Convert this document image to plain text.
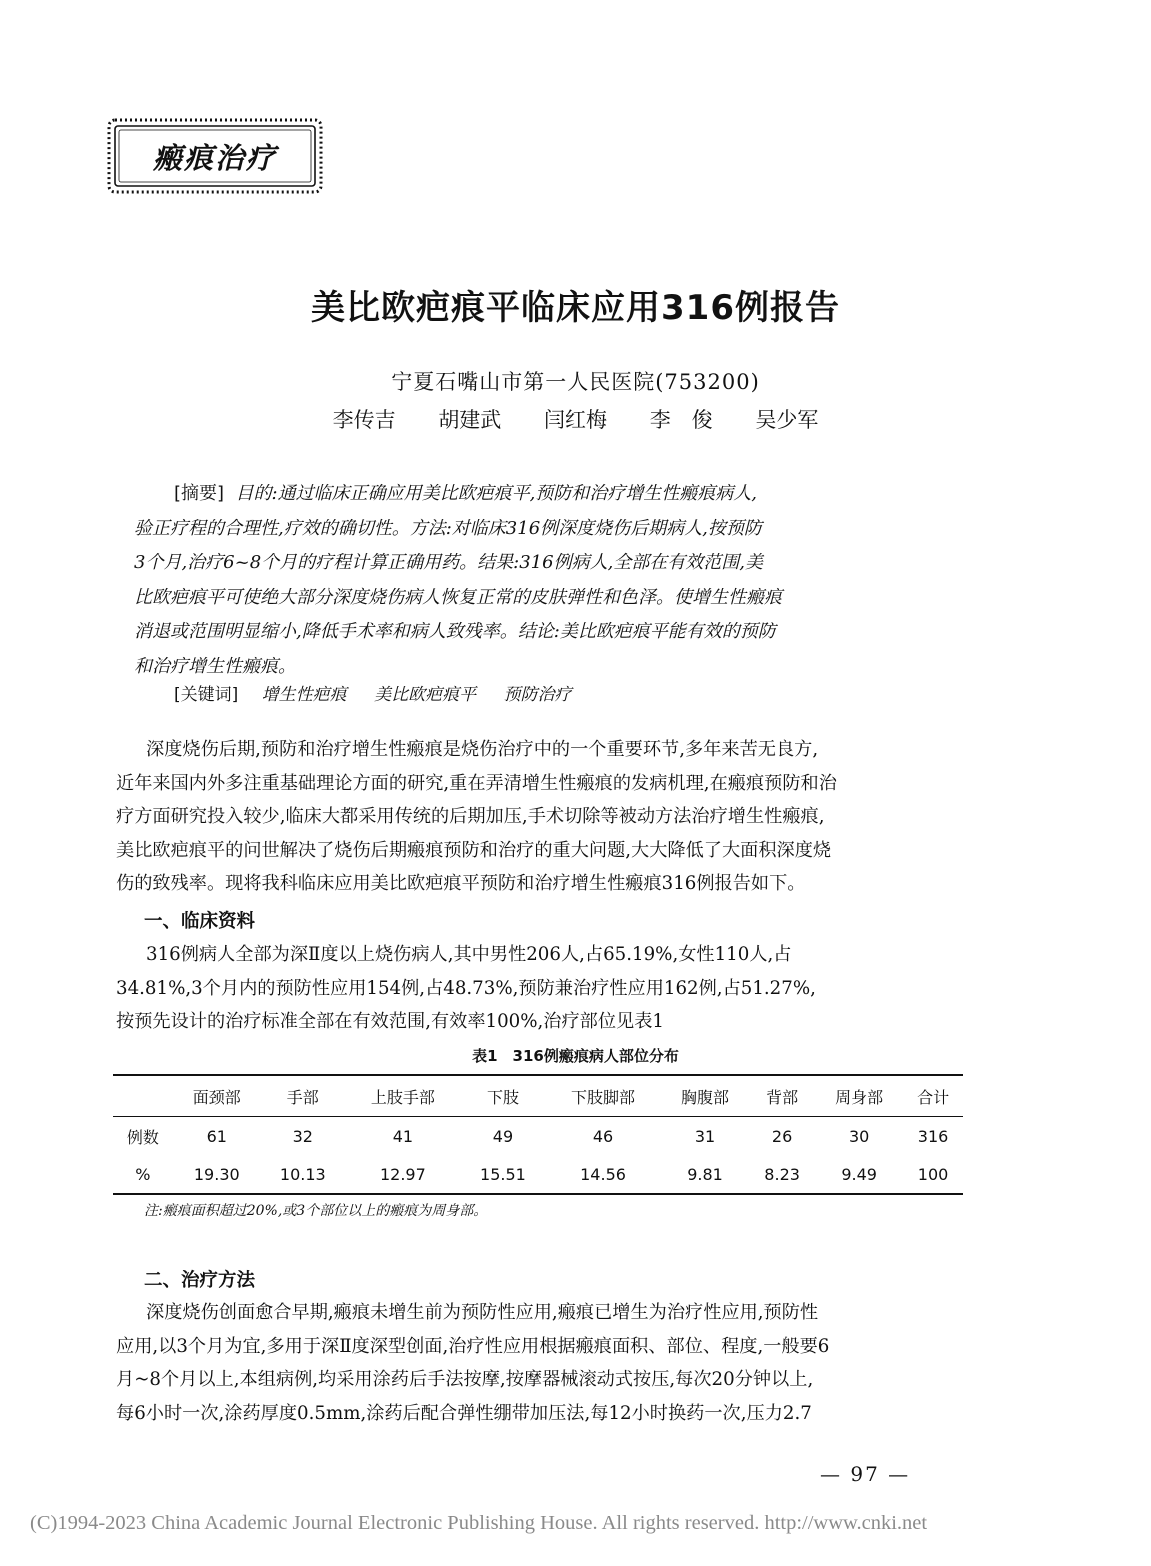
瘢痕治疗
美比欧疤痕平临床应用316例报告
宁夏石嘴山市第一人民医院(753200)
李传吉 胡建武 闫红梅 李　俊 吴少军
[摘要] 目的:通过临床正确应用美比欧疤痕平,预防和治疗增生性瘢痕病人,
验正疗程的合理性,疗效的确切性。方法:对临床316例深度烧伤后期病人,按预防
3个月,治疗6~8个月的疗程计算正确用药。结果:316例病人,全部在有效范围,美
比欧疤痕平可使绝大部分深度烧伤病人恢复正常的皮肤弹性和色泽。使增生性瘢痕
消退或范围明显缩小,降低手术率和病人致残率。结论:美比欧疤痕平能有效的预防
和治疗增生性瘢痕。
[关键词] 增生性疤痕 美比欧疤痕平 预防治疗

深度烧伤后期,预防和治疗增生性瘢痕是烧伤治疗中的一个重要环节,多年来苦无良方,

近年来国内外多注重基础理论方面的研究,重在弄清增生性瘢痕的发病机理,在瘢痕预防和治

疗方面研究投入较少,临床大都采用传统的后期加压,手术切除等被动方法治疗增生性瘢痕,

美比欧疤痕平的问世解决了烧伤后期瘢痕预防和治疗的重大问题,大大降低了大面积深度烧

伤的致残率。现将我科临床应用美比欧疤痕平预防和治疗增生性瘢痕316例报告如下。

一、临床资料

316例病人全部为深Ⅱ度以上烧伤病人,其中男性206人,占65.19%,女性110人,占

34.81%,3个月内的预防性应用154例,占48.73%,预防兼治疗性应用162例,占51.27%,

按预先设计的治疗标准全部在有效范围,有效率100%,治疗部位见表1

表1　316例瘢痕病人部位分布
	面颈部	手部	上肢手部	下肢	下肢脚部	胸腹部	背部	周身部	合计
例数	61	32	41	49	46	31	26	30	316
%	19.30	10.13	12.97	15.51	14.56	9.81	8.23	9.49	100
注:瘢痕面积超过20%,或3个部位以上的瘢痕为周身部。
二、治疗方法

深度烧伤创面愈合早期,瘢痕未增生前为预防性应用,瘢痕已增生为治疗性应用,预防性

应用,以3个月为宜,多用于深Ⅱ度深型创面,治疗性应用根据瘢痕面积、部位、程度,一般要6

月~8个月以上,本组病例,均采用涂药后手法按摩,按摩器械滚动式按压,每次20分钟以上,

每6小时一次,涂药厚度0.5mm,涂药后配合弹性绷带加压法,每12小时换药一次,压力2.7

— 97 —
(C)1994-2023 China Academic Journal Electronic Publishing House. All rights reserved. http://www.cnki.net
